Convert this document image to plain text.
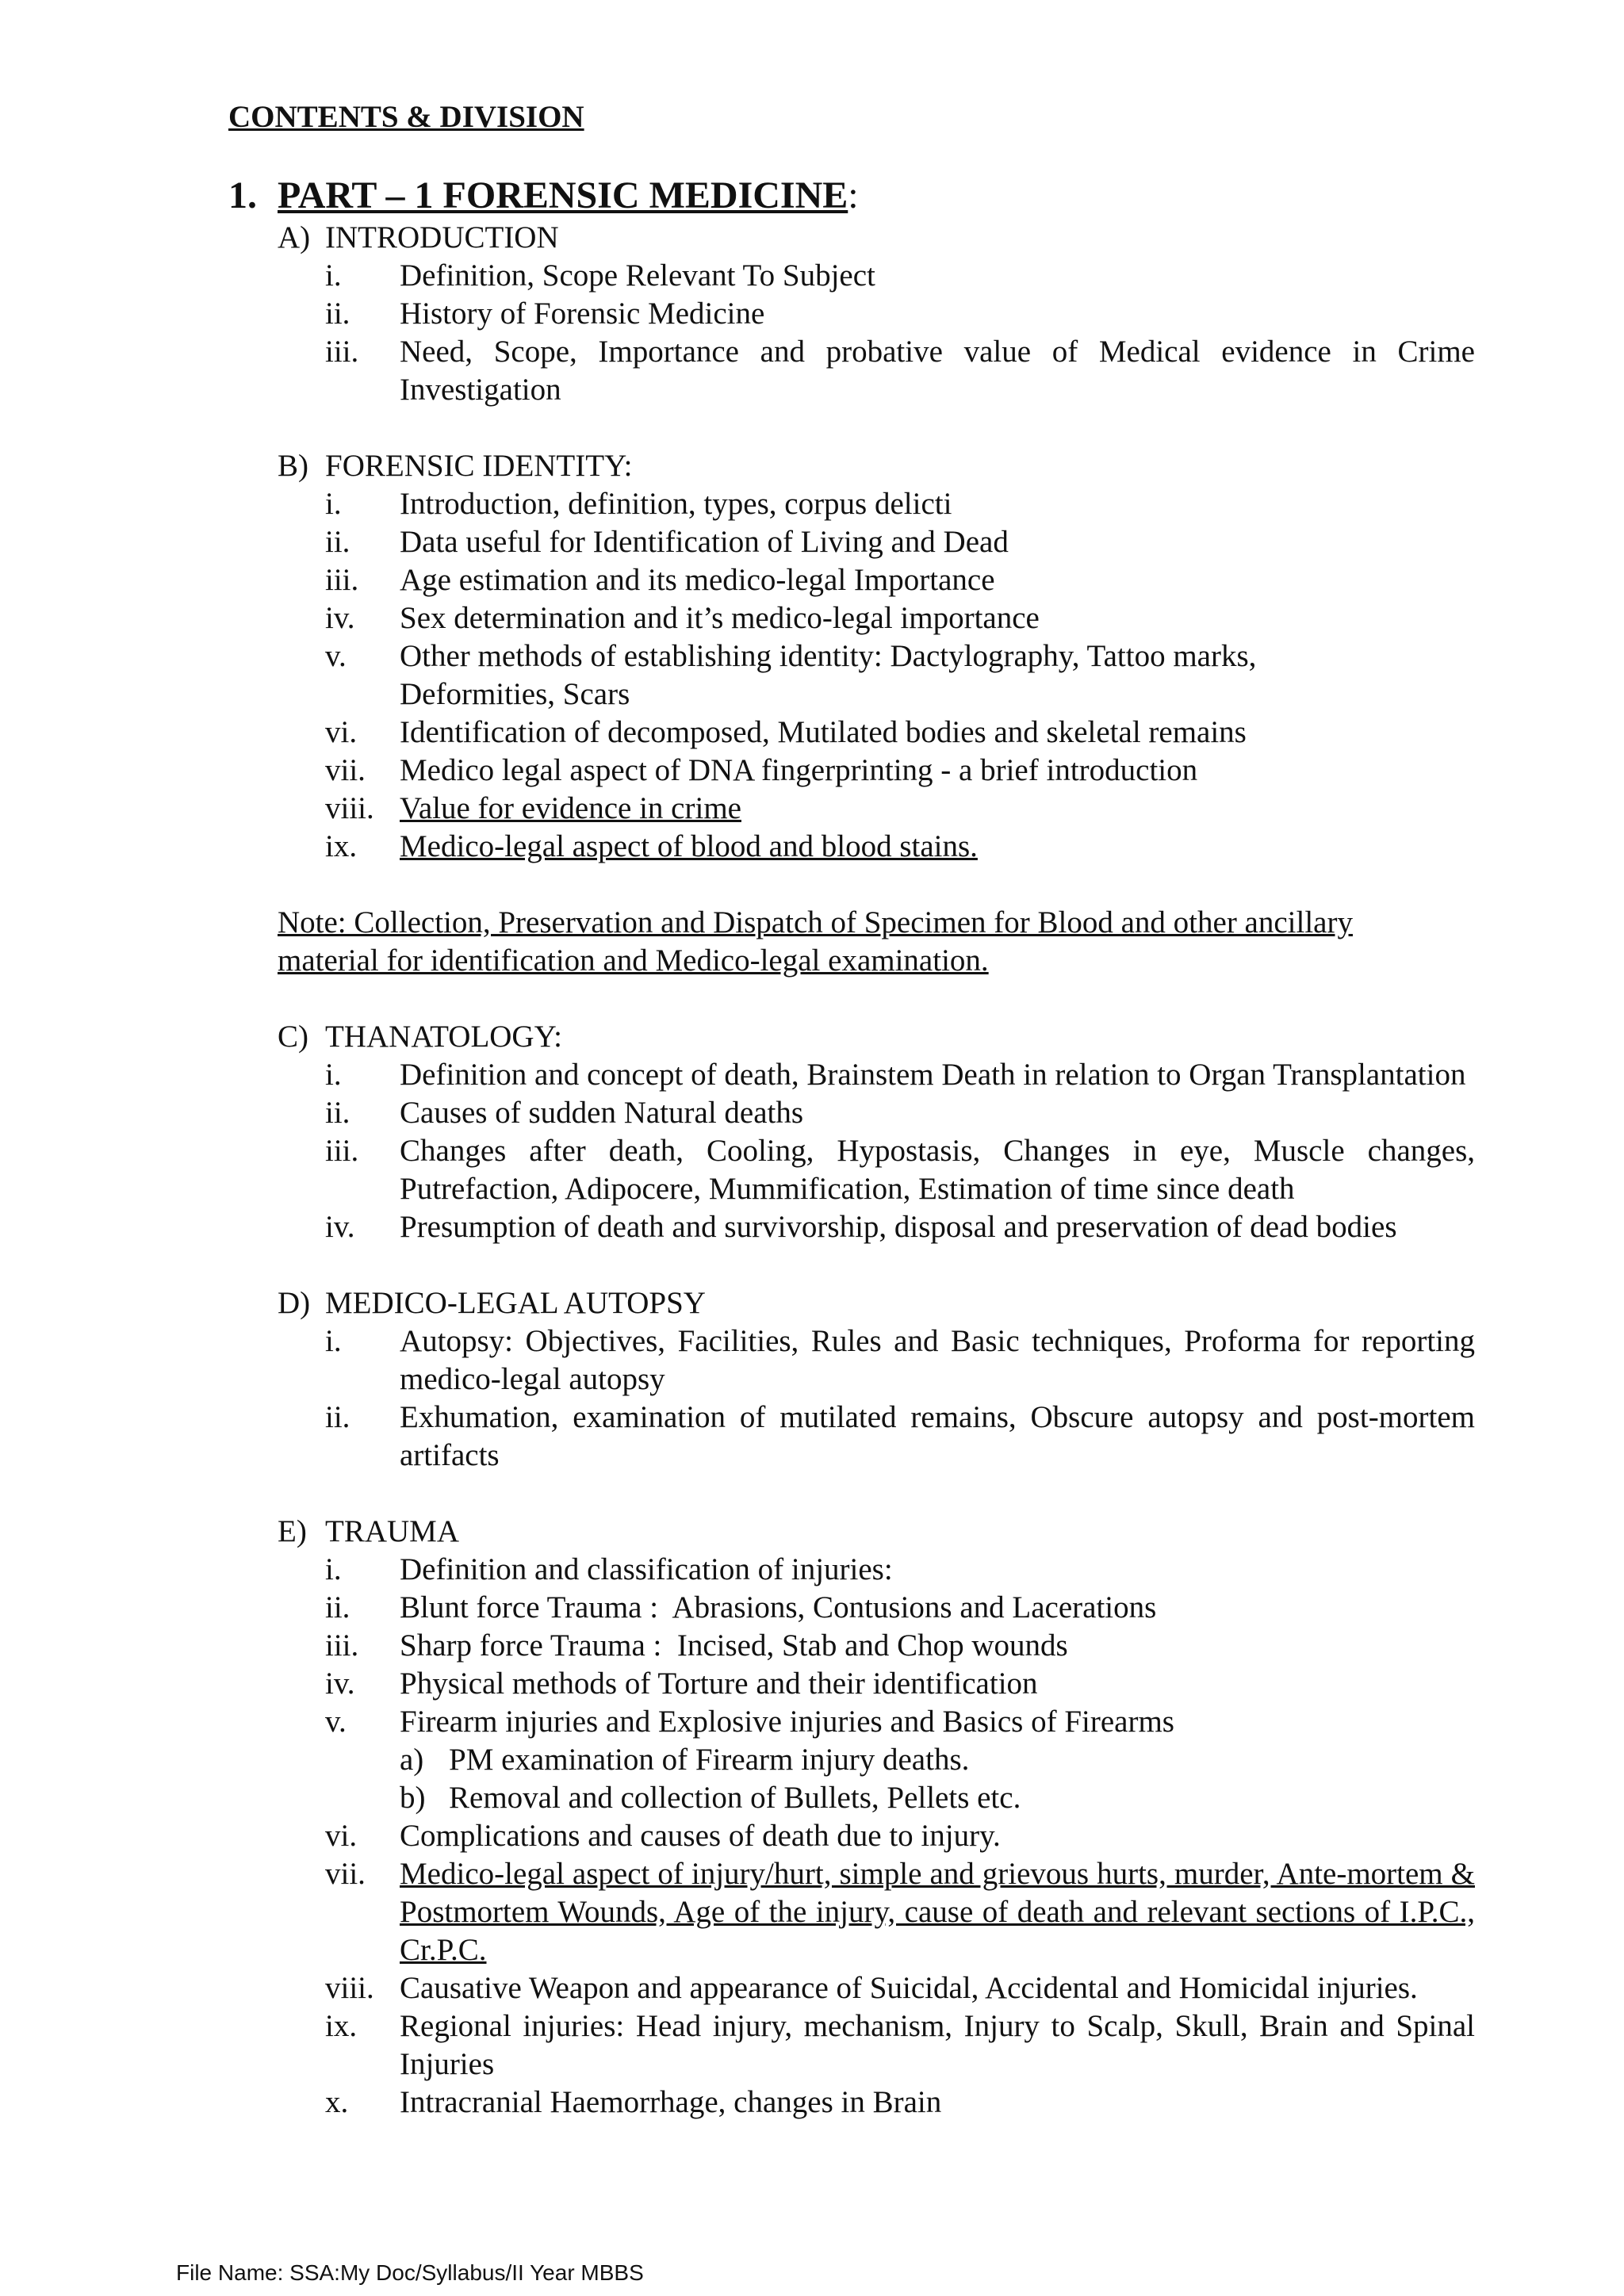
CONTENTS & DIVISION
1. PART – 1 FORENSIC MEDICINE:
A) INTRODUCTION
i.	Definition, Scope Relevant To Subject
ii.	History of Forensic Medicine
iii.	Need, Scope, Importance and probative value of Medical evidence in Crime Investigation
B) FORENSIC IDENTITY:
i.	Introduction, definition, types, corpus delicti
ii.	Data useful for Identification of Living and Dead
iii.	Age estimation and its medico-legal Importance
iv.	Sex determination and it’s medico-legal importance
v.	Other methods of establishing identity: Dactylography, Tattoo marks, Deformities, Scars
vi.	Identification of decomposed, Mutilated bodies and skeletal remains
vii.	Medico legal aspect of DNA fingerprinting - a brief introduction
viii. Value for evidence in crime
ix.	Medico-legal aspect of blood and blood stains.
Note: Collection, Preservation and Dispatch of Specimen for Blood and other ancillary material for identification and Medico-legal examination.
C) THANATOLOGY:
i.	Definition and concept of death, Brainstem Death in relation to Organ Transplantation
ii.	Causes of sudden Natural deaths
iii.	Changes after death, Cooling, Hypostasis, Changes in eye, Muscle changes, Putrefaction, Adipocere, Mummification, Estimation of time since death
iv.	Presumption of death and survivorship, disposal and preservation of dead bodies
D) MEDICO-LEGAL AUTOPSY
i.	Autopsy: Objectives, Facilities, Rules and Basic techniques, Proforma for reporting medico-legal autopsy
ii.	Exhumation, examination of mutilated remains, Obscure autopsy and post-mortem artifacts
E) TRAUMA
i.	Definition and classification of injuries:
ii.	Blunt force Trauma :  Abrasions, Contusions and Lacerations
iii.	Sharp force Trauma :  Incised, Stab and Chop wounds
iv.	Physical methods of Torture and their identification
v.	Firearm injuries and Explosive injuries and Basics of Firearms
a) PM examination of Firearm injury deaths.
b) Removal and collection of Bullets, Pellets etc.
vi.	Complications and causes of death due to injury.
vii.	Medico-legal aspect of injury/hurt, simple and grievous hurts, murder, Ante-mortem & Postmortem Wounds, Age of the injury, cause of death and relevant sections of I.P.C., Cr.P.C.
viii. Causative Weapon and appearance of Suicidal, Accidental and Homicidal injuries.
ix.	Regional injuries: Head injury, mechanism, Injury to Scalp, Skull, Brain and Spinal Injuries
x.	Intracranial Haemorrhage, changes in Brain
File Name: SSA:My Doc/Syllabus/II Year MBBS
